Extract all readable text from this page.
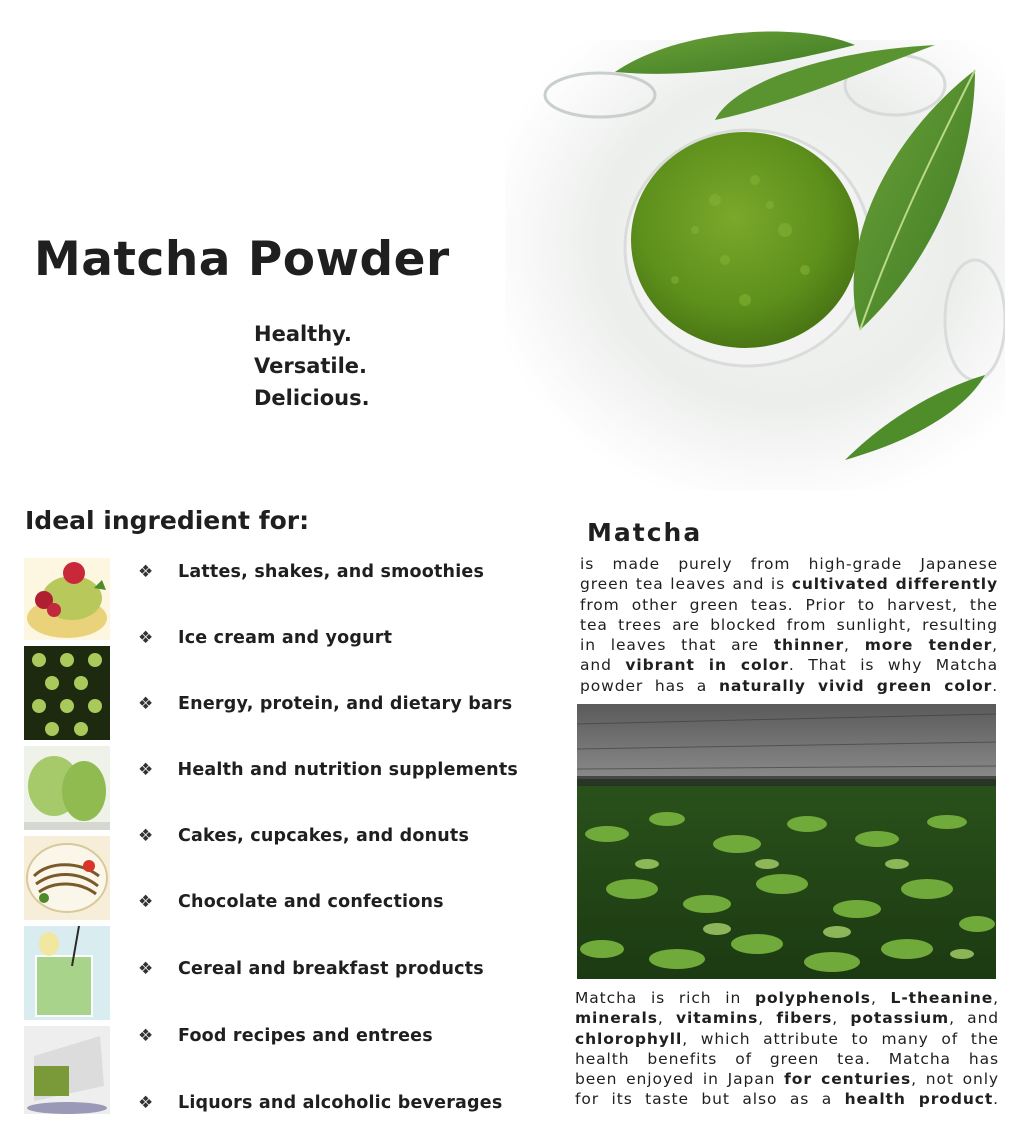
Matcha Powder
Healthy.
Versatile.
Delicious.
Ideal ingredient for:
❖	Lattes, shakes, and smoothies
❖	Ice cream and yogurt
❖	Energy, protein, and dietary bars
❖	Health and nutrition supplements
❖	Cakes, cupcakes, and donuts
❖	Chocolate and confections
❖	Cereal and breakfast products
❖	Food recipes and entrees
❖	Liquors and alcoholic beverages
Matcha
is made purely from high-grade Japanese
green tea leaves and is cultivated differently
from other green teas. Prior to harvest, the
tea trees are blocked from sunlight, resulting
in leaves that are thinner, more tender,
and vibrant in color. That is why Matcha
powder has a naturally vivid green color.
Matcha is rich in polyphenols, L-theanine,
minerals, vitamins, fibers, potassium, and
chlorophyll, which attribute to many of the
health benefits of green tea. Matcha has
been enjoyed in Japan for centuries, not only
for its taste but also as a health product.
